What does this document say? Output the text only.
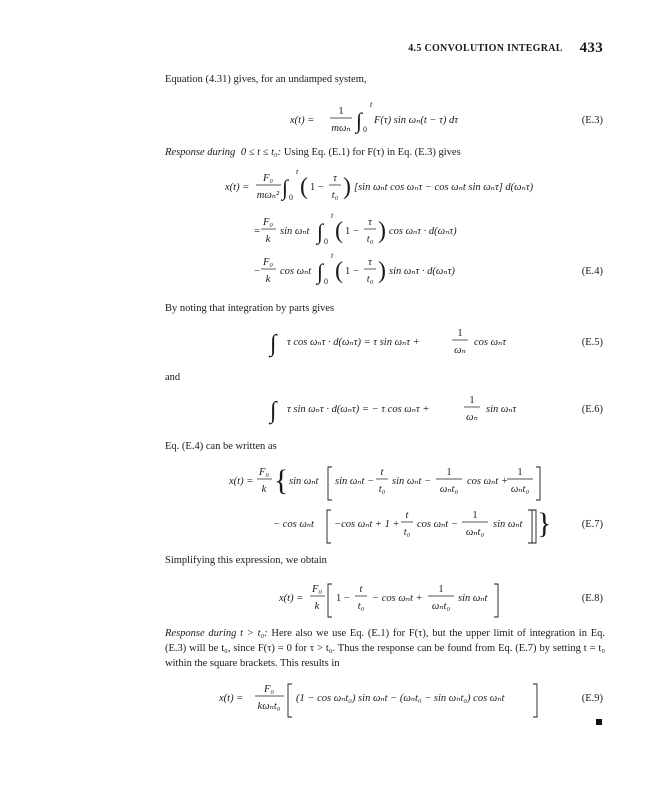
4.5 CONVOLUTION INTEGRAL 433
Equation (4.31) gives, for an undamped system,
x(t) =
1
mωₙ ∫
t
0
F(τ) sin ωₙ(t − τ) dτ	(E.3)
Response during 0 ≤ t ≤ t₀: Using Eq. (E.1) for F(τ) in Eq. (E.3) gives
x(t) =
F₀
mωₙ² ∫
t
0 ( 1 −
τ
t₀ ) [sin ωₙt cos ωₙτ − cos ωₙt sin ωₙτ] d(ωₙτ)
=
F₀
k
sin ωₙt ∫
t
0 ( 1 −
τ
t₀ ) cos ωₙτ · d(ωₙτ)
−
F₀
k
cos ωₙt ∫
t
0 ( 1 −
τ
t₀ ) sin ωₙτ · d(ωₙτ)	(E.4)
By noting that integration by parts gives
∫ τ cos ωₙτ · d(ωₙτ) = τ sin ωₙτ +
1
ωₙ
cos ωₙτ	(E.5)
and
∫ τ sin ωₙτ · d(ωₙτ) = − τ cos ωₙτ +
1
ωₙ
sin ωₙτ	(E.6)
Eq. (E.4) can be written as
x(t) =
F₀
k { sin ωₙt sin ωₙt −
t
t₀
sin ωₙt −
1
ωₙt₀
cos ωₙt +
1
ωₙt₀
− cos ωₙt −cos ωₙt + 1 +
t
t₀
cos ωₙt −
1
ωₙt₀
sin ωₙt }	(E.7)
Simplifying this expression, we obtain
x(t) =
F₀
k
1 −
t
t₀
− cos ωₙt +
1
ωₙt₀
sin ωₙt	(E.8)
x(t) =
F₀
kωₙt₀
(1 − cos ωₙt₀) sin ωₙt − (ωₙt₀ − sin ωₙt₀) cos ωₙt	(E.9)
Response during t > t₀: Here also we use Eq. (E.1) for F(τ), but the upper limit of integration in Eq. (E.3) will be t₀, since F(τ) = 0 for τ > t₀. Thus the response can be found from Eq. (E.7) by setting t = t₀ within the square brackets. This results in
